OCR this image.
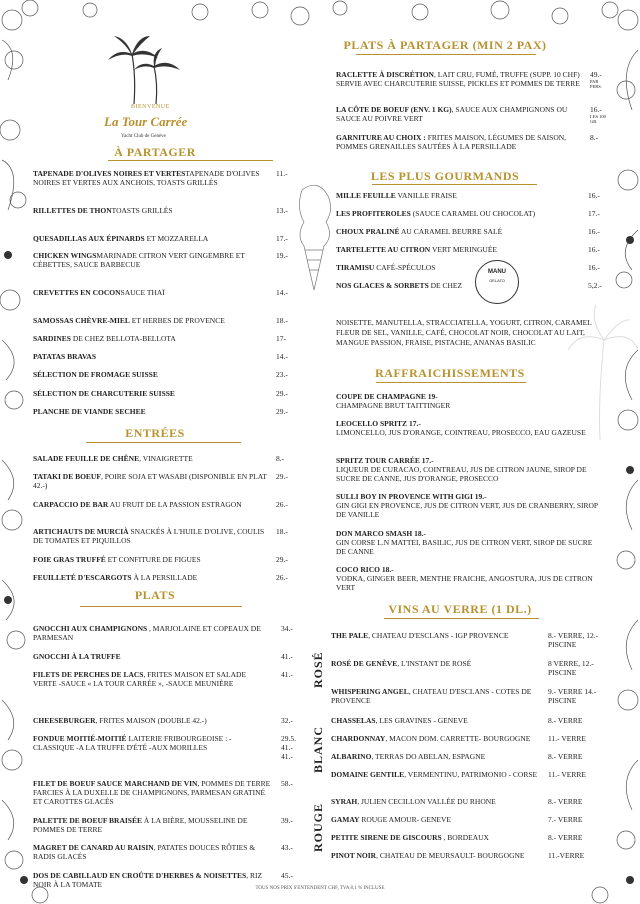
BIENVENUE
La Tour Carrée
Yacht Club de Genève
À PARTAGER
TAPENADE D'OLIVES NOIRES ET VERTESTAPENADE D'OLIVES NOIRES ET VERTES AUX ANCHOIS, TOASTS GRILLÉS
11.-
RILLETTES DE THONTOASTS GRILLÉS	13.-
QUESADILLAS AUX ÉPINARDS ET MOZZARELLA	17.-
CHICKEN WINGSMARINADE CITRON VERT GINGEMBRE ET CÉBETTES, SAUCE BARBECUE
19.-
CREVETTES EN COCONSAUCE THAÏ	14.-
SAMOSSAS CHÈVRE-MIEL ET HERBES DE PROVENCE	18.-
SARDINES DE CHEZ BELLOTA-BELLOTA	17-
PATATAS BRAVAS	14.-
SÉLECTION DE FROMAGE SUISSE	23.-
SÉLECTION DE CHARCUTERIE SUISSE	29.-
PLANCHE DE VIANDE SECHEE	29.-
SALADE FEUILLE DE CHÊNE, VINAIGRETTE	8.-
TATAKI DE BOEUF, POIRE SOJA ET WASABI (DISPONIBLE EN PLAT 42.-)
29.-
CARPACCIO DE BAR AU FRUIT DE LA PASSION ESTRAGON	26.-
ARTICHAUTS DE MURCIÀ SNACKÉS À L'HUILE D'OLIVE, COULIS DE TOMATES ET PIQUILLOS
18.-
FOIE GRAS TRUFFÉ ET CONFITURE DE FIGUES	29.-
FEUILLETÉ D'ESCARGOTS À LA PERSILLADE	26.-
GNOCCHI AUX CHAMPIGNONS , MARJOLAINE ET COPEAUX DE PARMESAN
34.-
GNOCCHI À LA TRUFFE	41.-
FILETS DE PERCHES DE LACS, FRITES MAISON ET SALADE VERTE -SAUCE « LA TOUR CARRÉE », -SAUCE MEUNIÈRE
41.-
CHEESEBURGER, FRITES MAISON (DOUBLE 42.-)	32.-
FONDUE MOITIÉ-MOITIÉ LAITERIE FRIBOURGEOISE : -CLASSIQUE -A LA TRUFFE D'ÉTÉ -AUX MORILLES
29.5. 41.- 41.-
FILET DE BOEUF SAUCE MARCHAND DE VIN, POMMES DE TERRE FARCIES À LA DUXELLE DE CHAMPIGNONS, PARMESAN GRATINÉ ET CAROTTES GLACÉS
58.-
PALETTE DE BOEUF BRAISÉE À LA BIÈRE, MOUSSELINE DE POMMES DE TERRE
39.-
MAGRET DE CANARD AU RAISIN, PATATES DOUCES RÔTIES & RADIS GLACÉS
43.-
DOS DE CABILLAUD EN CROÛTE D'HERBES & NOISETTES, RIZ NOIR À LA TOMATE
45.-
ENTRÉES
PLATS
PLATS À PARTAGER (MIN 2 PAX)
LES PLUS GOURMANDS
MANU
GELATO
NOISETTE, MANUTELLA, STRACCIATELLA, YOGURT, CITRON, CARAMEL FLEUR DE SEL, VANILLE, CAFÉ, CHOCOLAT NOIR, CHOCOLAT AU LAIT, MANGUE PASSION, FRAISE, PISTACHE, ANANAS BASILIC
RAFFRAICHISSEMENTS
VINS AU VERRE (1 DL.)
ROSÉ
BLANC
ROUGE
RACLETTE À DISCRÉTION, LAIT CRU, FUMÉ, TRUFFE (SUPP. 10 CHF) SERVIE AVEC CHARCUTERIE SUISSE, PICKLES ET POMMES DE TERRE
49.-
PAR PERS.
LA CÔTE DE BOEUF (ENV. 1 KG), SAUCE AUX CHAMPIGNONS OU SAUCE AU POIVRE VERT
16.-
LES 100 GR.
GARNITURE AU CHOIX : FRITES MAISON, LÉGUMES DE SAISON, POMMES GRENAILLES SAUTÉES À LA PERSILLADE
8.-
MILLE FEUILLE VANILLE FRAISE	16.-
LES PROFITEROLES (SAUCE CARAMEL OU CHOCOLAT)	17.-
CHOUX PRALINÉ AU CARAMEL BEURRE SALÉ	16.-
TARTELETTE AU CITRON VERT MERINGUÉE	16.-
TIRAMISU CAFÉ-SPÉCULOS	16.-
NOS GLACES & SORBETS DE CHEZ	5,2.-
COUPE DE CHAMPAGNE 19-
CHAMPAGNE BRUT TAITTINGER
LEOCELLO SPRITZ 17.-
LIMONCELLO, JUS D'ORANGE, COINTREAU, PROSECCO, EAU GAZEUSE
SPRITZ TOUR CARRÉE 17.-
LIQUEUR DE CURACAO, COINTREAU, JUS DE CITRON JAUNE, SIROP DE SUCRE DE CANNE, JUS D'ORANGE, PROSECCO
SULLI BOY IN PROVENCE WITH GIGI 19.-
GIN GIGI EN PROVENCE, JUS DE CITRON VERT, JUS DE CRANBERRY, SIROP DE VANILLE
DON MARCO SMASH 18.-
GIN CORSE L.N MATTEI, BASILIC, JUS DE CITRON VERT, SIROP DE SUCRE DE CANNE
COCO RICO 18.-
VODKA, GINGER BEER, MENTHE FRAICHE, ANGOSTURA, JUS DE CITRON VERT
THE PALE, CHATEAU D'ESCLANS - IGP PROVENCE	8.- VERRE, 12.- PISCINE
ROSÉ DE GENÈVE, L'INSTANT DE ROSÉ	8 VERRE, 12.- PISCINE
WHISPERING ANGEL, CHATEAU D'ESCLANS - COTES DE PROVENCE
9.- VERRE 14.- PISCINE
CHASSELAS, LES GRAVINES - GENEVE	8.- VERRE
CHARDONNAY, MACON DOM. CARRETTE- BOURGOGNE	11.- VERRE
ALBARINO, TERRAS DO ABELAN, ESPAGNE	8.- VERRE
DOMAINE GENTILE, VERMENTINU, PATRIMONIO - CORSE	11.- VERRE
SYRAH, JULIEN CECILLON VALLÉE DU RHONE	8.- VERRE
GAMAY ROUGE AMOUR- GENEVE	7.- VERRE
PETITE SIRENE DE GISCOURS , BORDEAUX	8.- VERRE
PINOT NOIR, CHATEAU DE MEURSAULT- BOURGOGNE	11.-VERRE
TOUS NOS PRIX S'ENTENDENT CHF, TVA 8,1 % INCLUSE
